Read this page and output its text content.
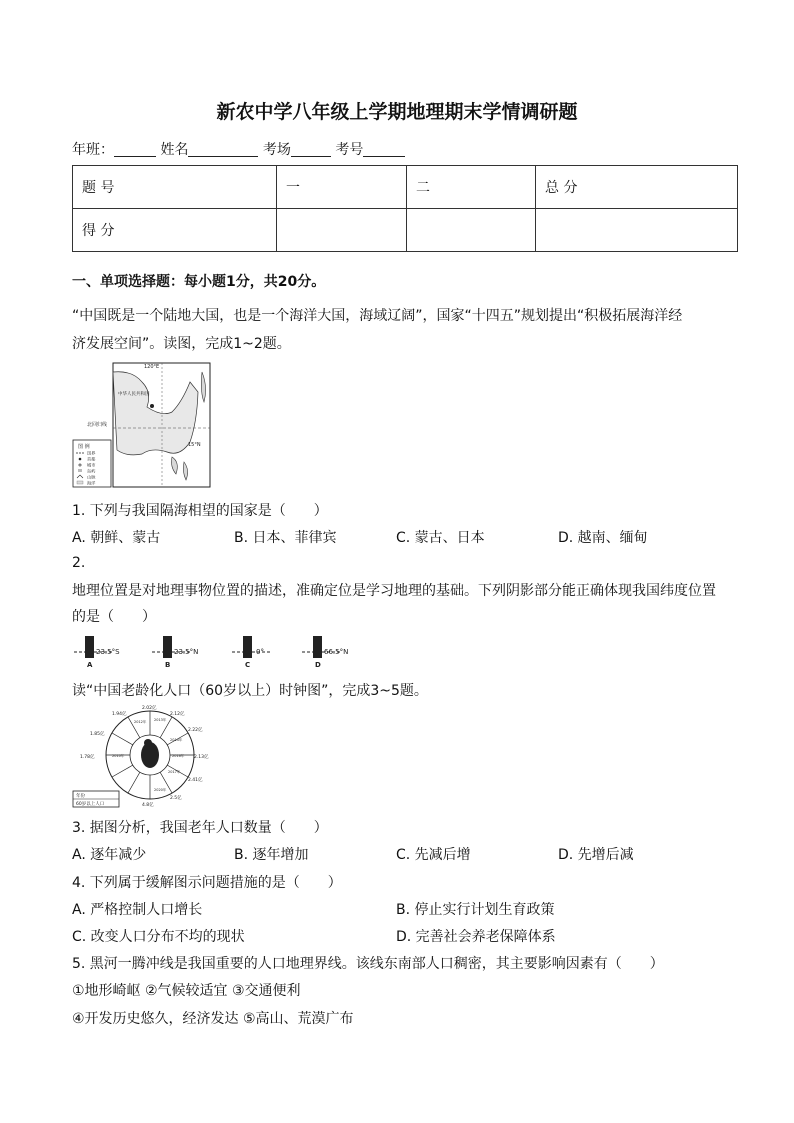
新农中学八年级上学期地理期末学情调研题
年班：	姓名	考场	考号
题 号	一	二	总 分
得 分			
一、单项选择题：每小题1分，共20分。
“中国既是一个陆地大国，也是一个海洋大国，海域辽阔”，国家“十四五”规划提出“积极拓展海洋经
济发展空间”。读图，完成1~2题。
120°E
中华人民共和国
北回归线
15°N
图 例
国界
首都
城市
岛屿
山脉
海洋
1. 下列与我国隔海相望的国家是（　　）
A. 朝鲜、蒙古	B. 日本、菲律宾	C. 蒙古、日本	D. 越南、缅甸
2.
地理位置是对地理事物位置的描述，准确定位是学习地理的基础。下列阴影部分能正确体现我国纬度位置
的是（　　）
23.5°S
A
23.5°N
B
0°
C
66.5°N
D
读“中国老龄化人口（60岁以上）时钟图”，完成3~5题。
1.94亿
2.02亿
2.12亿
1.85亿
2.22亿
1.78亿	2.13亿
2.41亿
2.5亿
4.8亿
2012年 2013年
2010年
2014年
2016年
2017年
2020年
年份
60岁以上人口
3. 据图分析，我国老年人口数量（　　）
A. 逐年减少	B. 逐年增加	C. 先减后增	D. 先增后减
4. 下列属于缓解图示问题措施的是（　　）
A. 严格控制人口增长	B. 停止实行计划生育政策
C. 改变人口分布不均的现状	D. 完善社会养老保障体系
5. 黑河一腾冲线是我国重要的人口地理界线。该线东南部人口稠密，其主要影响因素有（　　）
①地形崎岖 ②气候较适宜 ③交通便利
④开发历史悠久，经济发达 ⑤高山、荒漠广布
